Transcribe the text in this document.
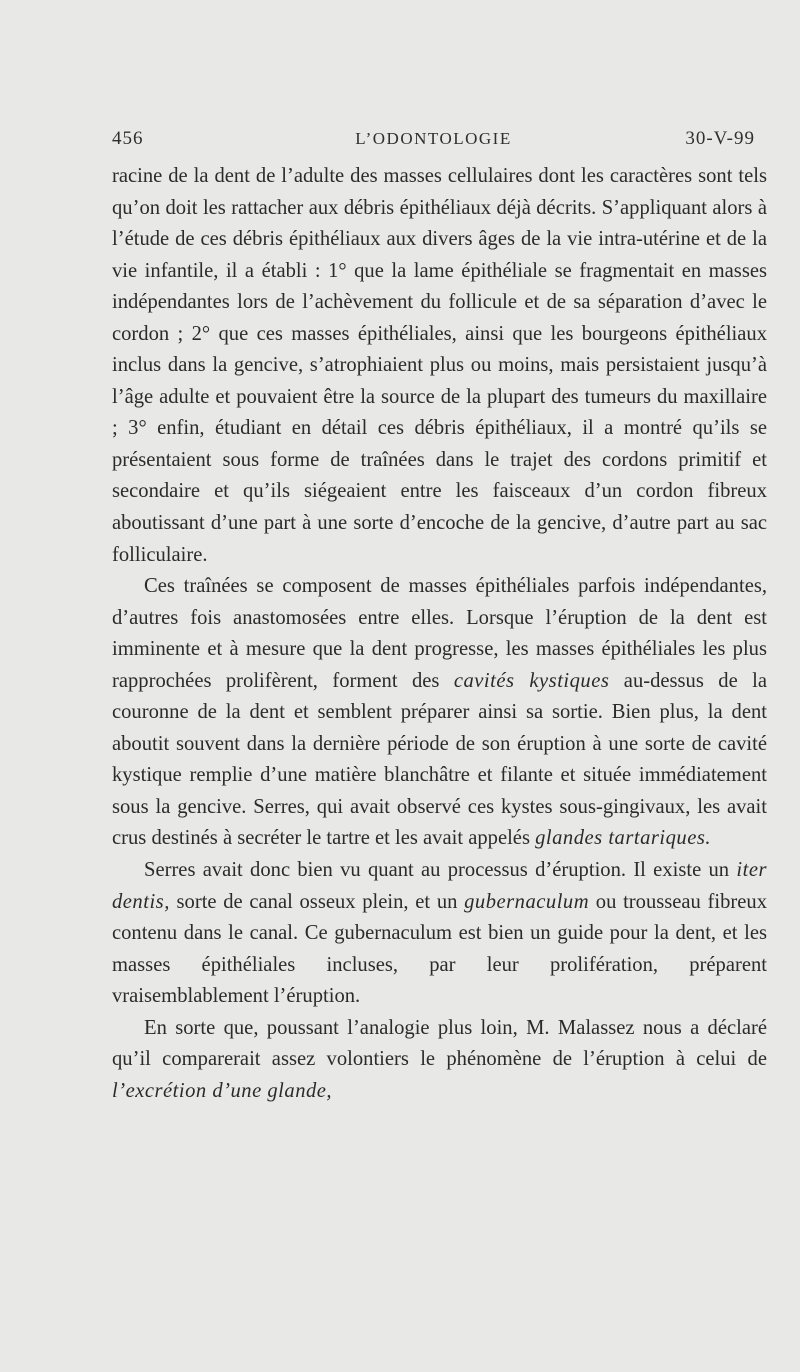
456	L’ODONTOLOGIE	30-V-99

racine de la dent de l’adulte des masses cellulaires dont les caractères sont tels qu’on doit les rattacher aux débris épithéliaux déjà décrits. S’appliquant alors à l’étude de ces débris épithéliaux aux divers âges de la vie intra-utérine et de la vie infantile, il a établi : 1° que la lame épithéliale se fragmentait en masses indépendantes lors de l’achèvement du follicule et de sa séparation d’avec le cordon ; 2° que ces masses épithéliales, ainsi que les bourgeons épithéliaux inclus dans la gencive, s’atrophiaient plus ou moins, mais persistaient jusqu’à l’âge adulte et pouvaient être la source de la plupart des tumeurs du maxillaire ; 3° enfin, étudiant en détail ces débris épithéliaux, il a montré qu’ils se présentaient sous forme de traînées dans le trajet des cordons primitif et secondaire et qu’ils siégeaient entre les faisceaux d’un cordon fibreux aboutissant d’une part à une sorte d’encoche de la gencive, d’autre part au sac folliculaire.

Ces traînées se composent de masses épithéliales parfois indépendantes, d’autres fois anastomosées entre elles. Lorsque l’éruption de la dent est imminente et à mesure que la dent progresse, les masses épithéliales les plus rapprochées prolifèrent, forment des cavités kystiques au-dessus de la couronne de la dent et semblent préparer ainsi sa sortie. Bien plus, la dent aboutit souvent dans la dernière période de son éruption à une sorte de cavité kystique remplie d’une matière blanchâtre et filante et située immédiatement sous la gencive. Serres, qui avait observé ces kystes sous-gingivaux, les avait crus destinés à secréter le tartre et les avait appelés glandes tartariques.

Serres avait donc bien vu quant au processus d’éruption. Il existe un iter dentis, sorte de canal osseux plein, et un gubernaculum ou trousseau fibreux contenu dans le canal. Ce gubernaculum est bien un guide pour la dent, et les masses épithéliales incluses, par leur prolifération, préparent vraisemblablement l’éruption.

En sorte que, poussant l’analogie plus loin, M. Malassez nous a déclaré qu’il comparerait assez volontiers le phénomène de l’éruption à celui de l’excrétion d’une glande,
